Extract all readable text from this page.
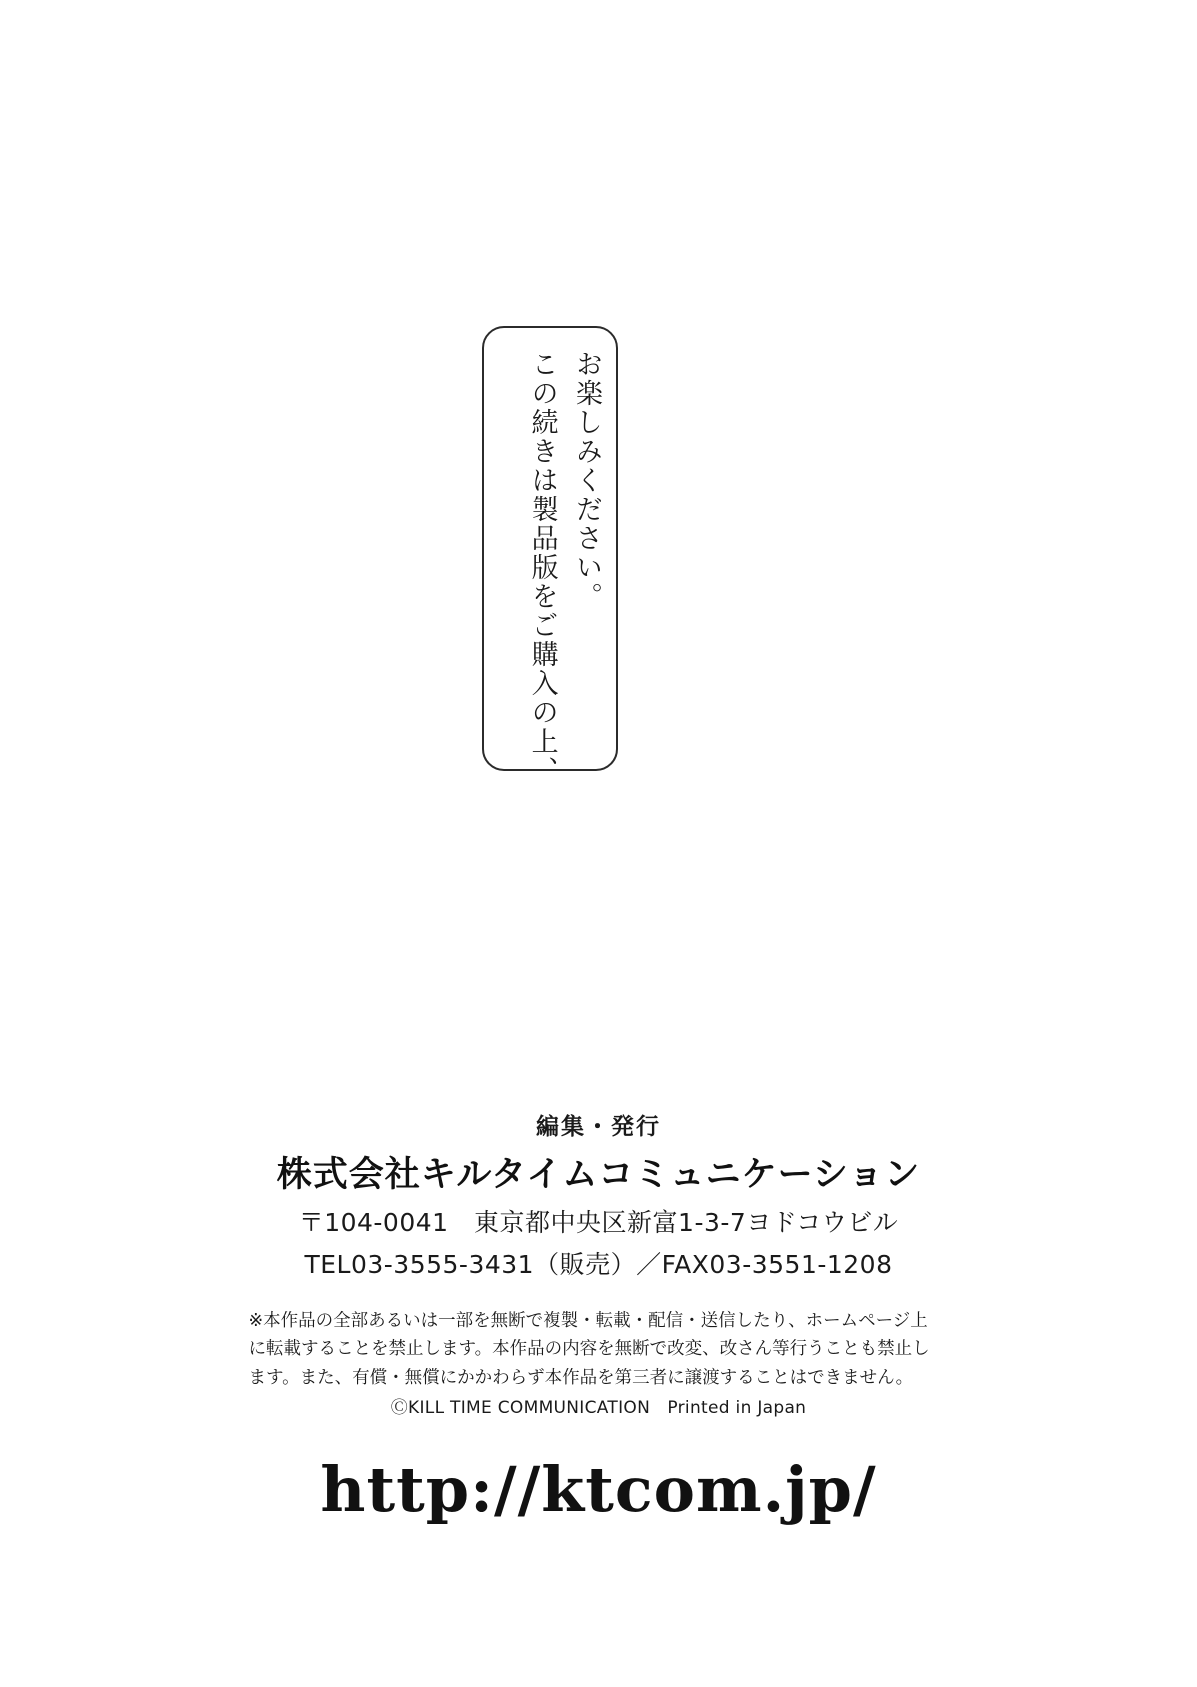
この続きは製品版をご購入の上、 お楽しみください。
編集・発行
株式会社キルタイムコミュニケーション
〒104-0041　東京都中央区新富1-3-7ヨドコウビル
TEL03-3555-3431（販売）／FAX03-3551-1208
※本作品の全部あるいは一部を無断で複製・転載・配信・送信したり、ホームページ上
に転載することを禁止します。本作品の内容を無断で改変、改さん等行うことも禁止し
ます。また、有償・無償にかかわらず本作品を第三者に譲渡することはできません。
ⒸKILL TIME COMMUNICATION　Printed in Japan
http://ktcom.jp/
